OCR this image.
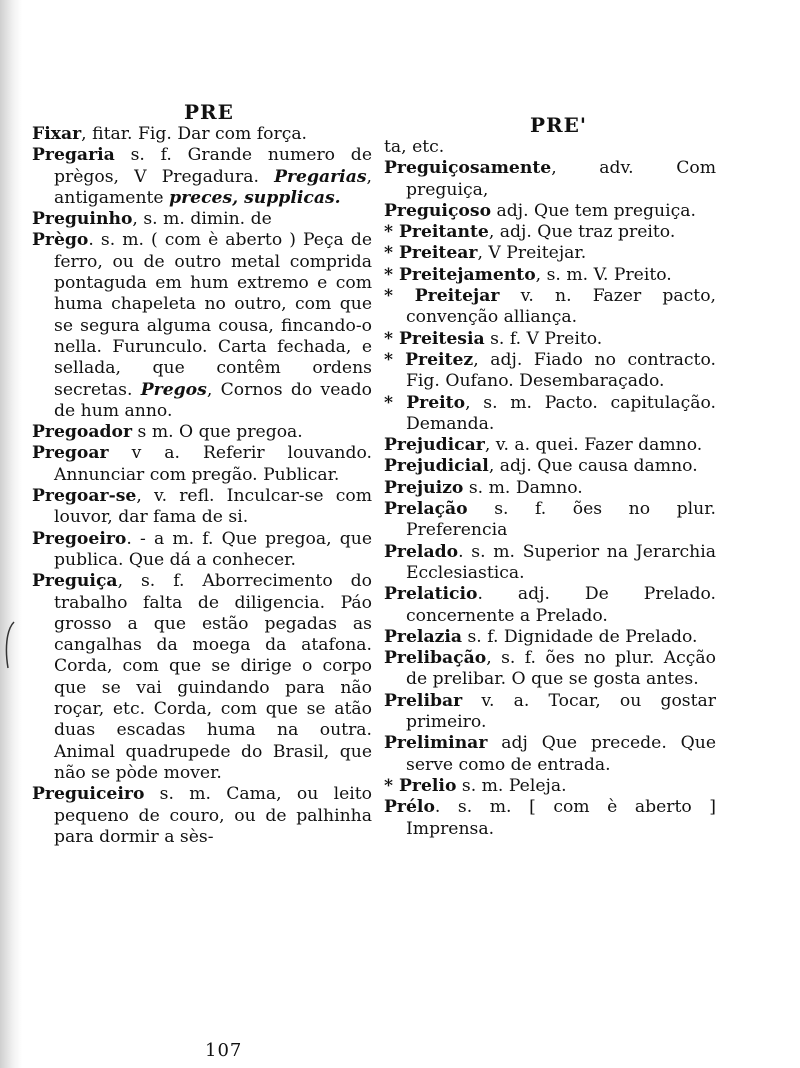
PRE
PRE'
Fixar, fitar. Fig. Dar com força.
Pregaria s. f. Grande numero de prègos, V Pregadura. Pregarias, antigamente preces, supplicas.
Preguinho, s. m. dimin. de
Prègo. s. m. ( com è aberto ) Peça de ferro, ou de outro metal comprida pontaguda em hum extremo e com huma chapeleta no outro, com que se segura alguma cousa, fincando-o nella. Furunculo. Carta fechada, e sellada, que contêm ordens secretas. Pregos, Cornos do veado de hum anno.
Pregoador s m. O que pregoa.
Pregoar v a. Referir louvando. Annunciar com pregão. Publicar.
Pregoar-se, v. refl. Inculcar-se com louvor, dar fama de si.
Pregoeiro. - a m. f. Que pregoa, que publica. Que dá a conhecer.
Preguiça, s. f. Aborrecimento do trabalho falta de diligencia. Páo grosso a que estão pegadas as cangalhas da moega da atafona. Corda, com que se dirige o corpo que se vai guindando para não roçar, etc. Corda, com que se atão duas escadas huma na outra. Animal quadrupede do Brasil, que não se pòde mover.
Preguiceiro s. m. Cama, ou leito pequeno de couro, ou de palhinha para dormir a sès-
ta, etc.
Preguiçosamente, adv. Com preguiça,
Preguiçoso adj. Que tem preguiça.
* Preitante, adj. Que traz preito.
* Preitear, V Preitejar.
* Preitejamento, s. m. V. Preito.
* Preitejar v. n. Fazer pacto, convenção alliança.
* Preitesia s. f. V Preito.
* Preitez, adj. Fiado no contracto. Fig. Oufano. Desembaraçado.
* Preito, s. m. Pacto. capitulação. Demanda.
Prejudicar, v. a. quei. Fazer damno.
Prejudicial, adj. Que causa damno.
Prejuizo s. m. Damno.
Prelação s. f. ões no plur. Preferencia
Prelado. s. m. Superior na Jerarchia Ecclesiastica.
Prelaticio. adj. De Prelado. concernente a Prelado.
Prelazia s. f. Dignidade de Prelado.
Prelibação, s. f. ões no plur. Acção de prelibar. O que se gosta antes.
Prelibar v. a. Tocar, ou gostar primeiro.
Preliminar adj Que precede. Que serve como de entrada.
* Prelio s. m. Peleja.
Prélo. s. m. [ com è aberto ] Imprensa.
107
